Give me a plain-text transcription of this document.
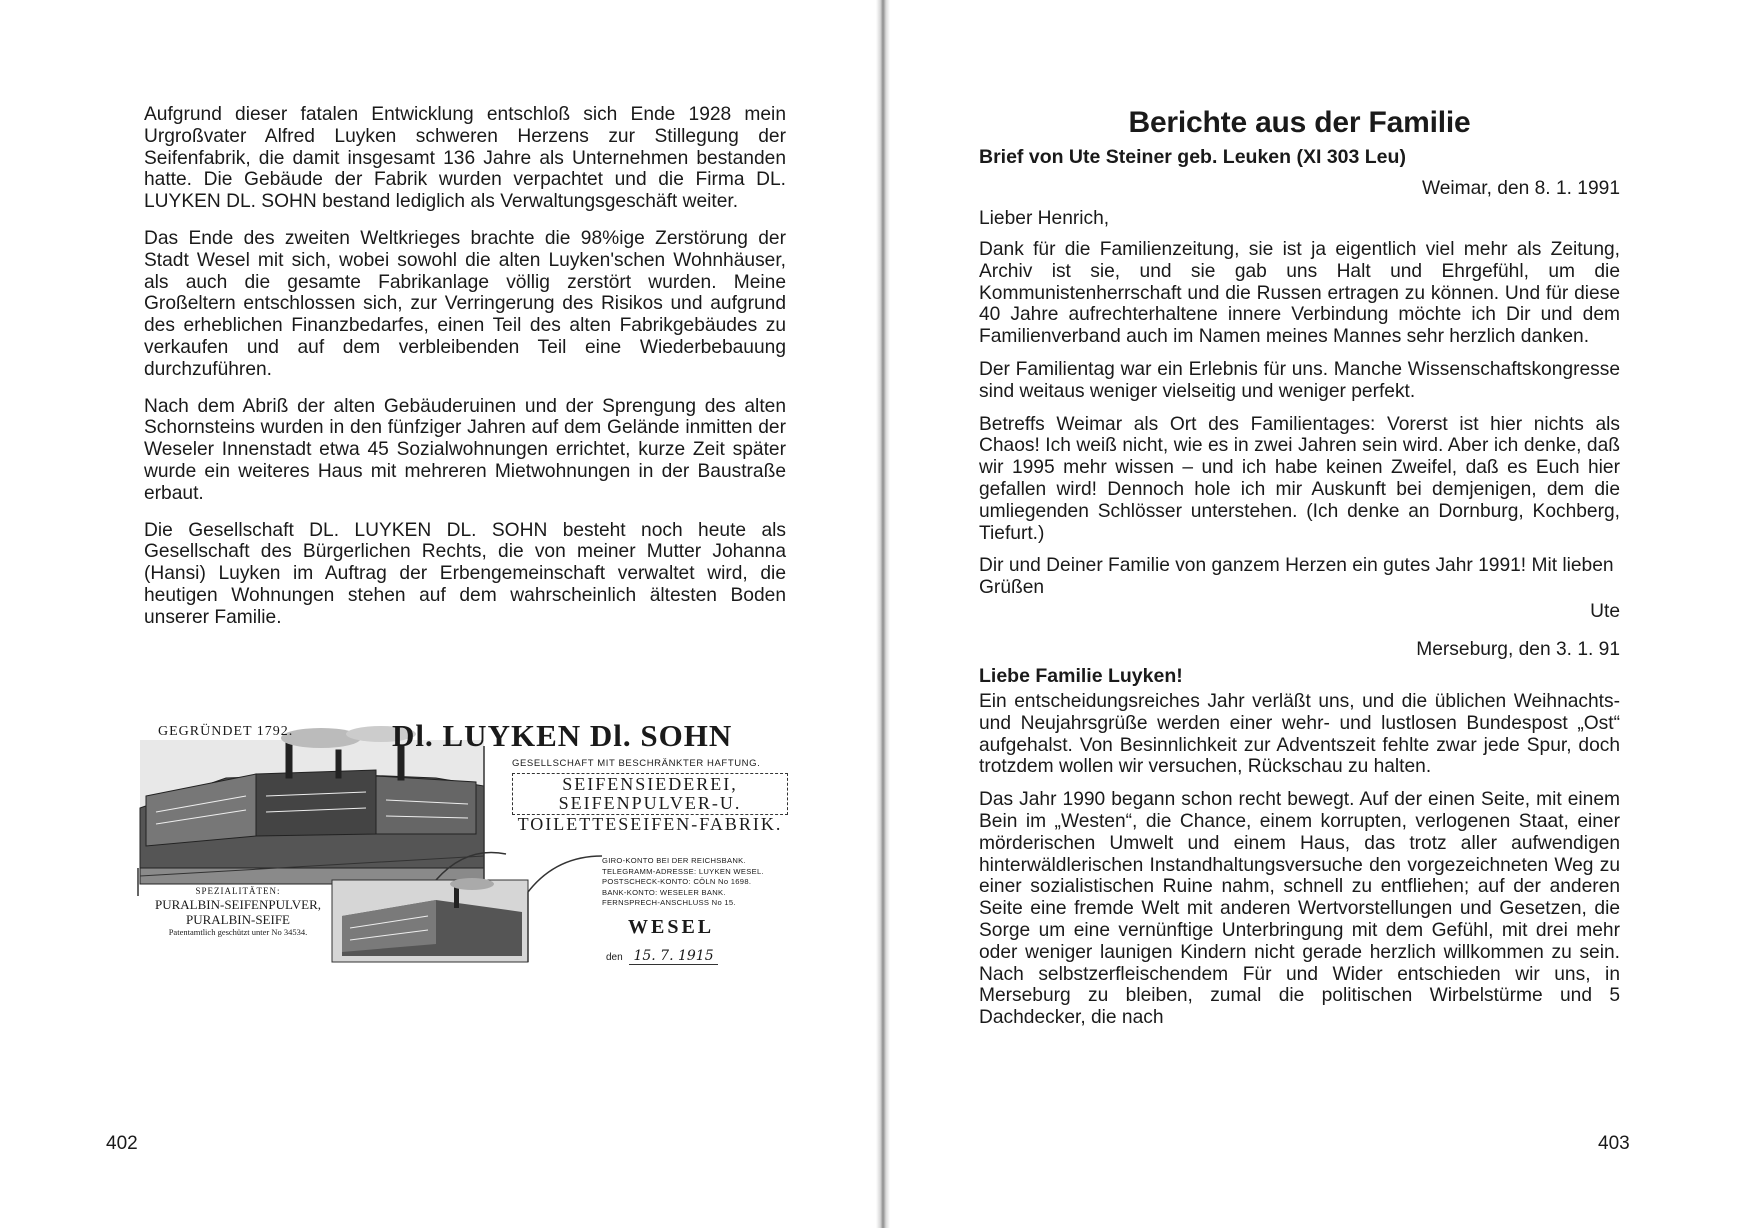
Aufgrund dieser fatalen Entwicklung entschloß sich Ende 1928 mein Urgroßvater Alfred Luyken schweren Herzens zur Stillegung der Seifenfabrik, die damit insgesamt 136 Jahre als Unternehmen bestanden hatte. Die Gebäude der Fabrik wurden verpachtet und die Firma DL. LUYKEN DL. SOHN bestand lediglich als Verwaltungsgeschäft weiter.

Das Ende des zweiten Weltkrieges brachte die 98%ige Zerstörung der Stadt Wesel mit sich, wobei sowohl die alten Luyken'schen Wohnhäuser, als auch die gesamte Fabrikanlage völlig zerstört wurden. Meine Großeltern entschlossen sich, zur Verringerung des Risikos und aufgrund des erheblichen Finanzbedarfes, einen Teil des alten Fabrikgebäudes zu verkaufen und auf dem verbleibenden Teil eine Wiederbebauung durchzuführen.

Nach dem Abriß der alten Gebäuderuinen und der Sprengung des alten Schornsteins wurden in den fünfziger Jahren auf dem Gelände inmitten der Weseler Innenstadt etwa 45 Sozialwohnungen errichtet, kurze Zeit später wurde ein weiteres Haus mit mehreren Mietwohnungen in der Baustraße erbaut.

Die Gesellschaft DL. LUYKEN DL. SOHN besteht noch heute als Gesellschaft des Bürgerlichen Rechts, die von meiner Mutter Johanna (Hansi) Luyken im Auftrag der Erbengemeinschaft verwaltet wird, die heutigen Wohnungen stehen auf dem wahrscheinlich ältesten Boden unserer Familie.

GEGRÜNDET 1792.	Dl. LUYKEN Dl. SOHN
GESELLSCHAFT MIT BESCHRÄNKTER HAFTUNG.
SEIFENSIEDEREI,
SEIFENPULVER-U.
TOILETTESEIFEN-FABRIK.
GIRO-KONTO BEI DER REICHSBANK.
TELEGRAMM-ADRESSE: LUYKEN WESEL.
POSTSCHECK-KONTO: CÖLN No 1698.
BANK-KONTO: WESELER BANK.
FERNSPRECH-ANSCHLUSS No 15.
SPEZIALITÄTEN:
PURALBIN-SEIFENPULVER,
PURALBIN-SEIFE
Patentamtlich geschützt unter No 34534.	WESEL
den 15. 7. 1915
402
Berichte aus der Familie
Brief von Ute Steiner geb. Leuken (XI 303 Leu)
Weimar, den 8. 1. 1991
Lieber Henrich,

Dank für die Familienzeitung, sie ist ja eigentlich viel mehr als Zeitung, Archiv ist sie, und sie gab uns Halt und Ehrgefühl, um die Kommunistenherrschaft und die Russen ertragen zu können. Und für diese 40 Jahre aufrechterhaltene innere Verbindung möchte ich Dir und dem Familienverband auch im Namen meines Mannes sehr herzlich danken.

Der Familientag war ein Erlebnis für uns. Manche Wissenschaftskongresse sind weitaus weniger vielseitig und weniger perfekt.

Betreffs Weimar als Ort des Familientages: Vorerst ist hier nichts als Chaos! Ich weiß nicht, wie es in zwei Jahren sein wird. Aber ich denke, daß wir 1995 mehr wissen – und ich habe keinen Zweifel, daß es Euch hier gefallen wird! Dennoch hole ich mir Auskunft bei demjenigen, dem die umliegenden Schlösser unterstehen. (Ich denke an Dornburg, Kochberg, Tiefurt.)

Dir und Deiner Familie von ganzem Herzen ein gutes Jahr 1991! Mit lieben Grüßen

Ute
Merseburg, den 3. 1. 91
Liebe Familie Luyken!

Ein entscheidungsreiches Jahr verläßt uns, und die üblichen Weihnachts- und Neujahrsgrüße werden einer wehr- und lustlosen Bundespost „Ost“ aufgehalst. Von Besinnlichkeit zur Adventszeit fehlte zwar jede Spur, doch trotzdem wollen wir versuchen, Rückschau zu halten.

Das Jahr 1990 begann schon recht bewegt. Auf der einen Seite, mit einem Bein im „Westen“, die Chance, einem korrupten, verlogenen Staat, einer mörderischen Umwelt und einem Haus, das trotz aller aufwendigen hinterwäldlerischen Instandhaltungsversuche den vorgezeichneten Weg zu einer sozialistischen Ruine nahm, schnell zu entfliehen; auf der anderen Seite eine fremde Welt mit anderen Wertvorstellungen und Gesetzen, die Sorge um eine vernünftige Unterbringung mit dem Gefühl, mit drei mehr oder weniger launigen Kindern nicht gerade herzlich willkommen zu sein. Nach selbstzerfleischendem Für und Wider entschieden wir uns, in Merseburg zu bleiben, zumal die politischen Wirbelstürme und 5 Dachdecker, die nach

403
